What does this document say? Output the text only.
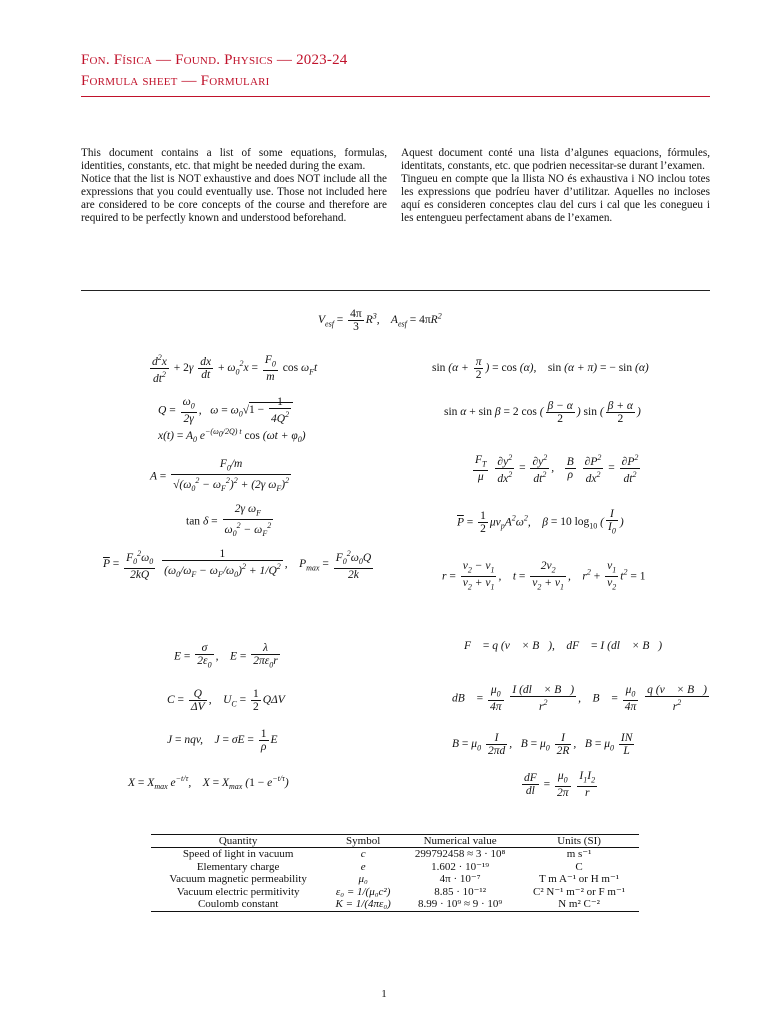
Fon. Física — Found. Physics — 2023-24
Formula sheet — Formulari

This document contains a list of some equations, formulas, identities, constants, etc. that might be needed during the exam.

Notice that the list is NOT exhaustive and does NOT include all the expressions that you could eventually use. Those not included here are considered to be core concepts of the course and therefore are required to be perfectly known and understood beforehand.

Aquest document conté una lista d’algunes equacions, fórmules, identitats, constants, etc. que podrien necessitar-se durant l’examen.

Tingueu en compte que la llista NO és exhaustiva i NO inclou totes les expressions que podríeu haver d’utilitzar. Aquelles no incloses aquí es consideren conceptes clau del curs i cal que les conegueu i les entengueu perfectament abans de l’examen.

$V_{esf} = \frac{4\pi}{3} R^3$,    $A_{esf} = 4\pi R^2$
$\frac{d^2x}{dt^2} + 2\gamma \frac{dx}{dt} + \omega_0^2x = \frac{F_0}{m}$ $\cos \omega_Ft$
$Q = \frac{\omega_0}{2\gamma}$ ,   $\omega = \omega_0√1 - \frac{1}{4Q^2}$
$x(t) = A_0$ $e^{-(\omega_0/2Q) t}$ $\cos (\omega t + \varphi_0)$
$A = \frac{F_0/m}{√(\omega_0^2 - \omega_F^2)^2 + (2\gamma \omega_F)^2}$
$\tan \delta = \frac{2\gamma \omega_F}{\omega_0^2 - \omega_F^2}$
$\overline{P} = \frac{F_0^2\omega_0}{2kQ}$
$\frac{1}{(\omega_0/\omega_F - \omega_F/\omega_0)^2 + 1/Q^2}$ ,    $P_{max} = \frac{F_0^2\omega_0Q}{2k}$
$\sin (\alpha + \frac{\pi}{2}$ ) = cos (α),    sin (α + π) = − sin (α)
sin α + sin β = 2 cos ( $\frac{\beta - \alpha}{2}$ ) sin ( $\frac{\beta + \alpha}{2}$ )
$\frac{F_T}{\mu}$
$\frac{\partial y^2}{dx^2} = \frac{\partial y^2}{dt^2}$ , $\frac{B}{\rho}$
$\frac{\partial P^2}{dx^2} = \frac{\partial P^2}{dt^2}$
$\overline{P} = \frac{1}{2} \mu v_pA^2\omega^2$,    β = 10 $\log_{10}$ ( $\frac{I}{I_0}$ )
$r = \frac{v_2 - v_1}{v_2 + v_1}$ ,    $t = \frac{2v_2}{v_2 + v_1}$ ,    $r^2 + \frac{v_1}{v_2} t^2 = 1$
$E = \frac{\sigma}{2\varepsilon_0}$ ,    $E = \frac{\lambda}{2\pi\varepsilon_0r}$
$C = \frac{Q}{\Delta V}$ ,    $U_C = \frac{1}{2}$ QΔV
J = nqv,    $J = \sigma E = \frac{1}{\rho}$ E
$X = X_{max}$ $e^{-t/\tau}$,    $X = X_{max}$ $(1 - e^{-t/\tau})$
F⃗ = q (v⃗ × B⃗),    dF⃗ = I (dl⃗ × B⃗)
dB⃗ = $\frac{\mu_0}{4\pi}$
$\frac{I (dl⃗ \times B⃗)}{r^2}$ ,    B⃗ = $\frac{\mu_0}{4\pi}$
$\frac{q (v⃗ \times B⃗)}{r^2}$
$B = \mu_0 \frac{I}{2\pi d}$ ,   $B = \mu_0 \frac{I}{2R}$ ,   $B = \mu_0 \frac{IN}{L}$
$\frac{dF}{dl} = \frac{\mu_0}{2\pi}$
$\frac{I_1I_2}{r}$
Quantity	Symbol	Numerical value	Units (SI)
Speed of light in vacuum	c	299792458 ≈ 3 · 10⁸	m s⁻¹
Elementary charge	e	1.602 · 10⁻¹⁹	C
Vacuum magnetic permeability	μ₀	4π · 10⁻⁷	T m A⁻¹ or H m⁻¹
Vacuum electric permitivity	ε₀ = 1/(μ₀c²)	8.85 · 10⁻¹²	C² N⁻¹ m⁻² or F m⁻¹
Coulomb constant	K = 1/(4πε₀)	8.99 · 10⁹ ≈ 9 · 10⁹	N m² C⁻²
1
